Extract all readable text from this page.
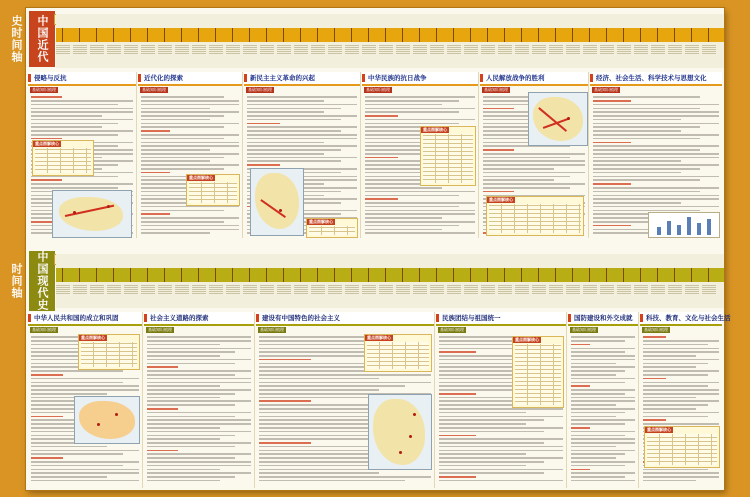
中国近代史时间轴
侵略与反抗
基础知识梳理
重点图解核心
近代化的探索
基础知识梳理
重点图解核心
新民主主义革命的兴起
基础知识梳理
重点图解核心
中华民族的抗日战争
基础知识梳理
重点图解核心
人民解放战争的胜利
基础知识梳理
重点图解核心
经济、社会生活、科学技术与思想文化
基础知识梳理
中国现代史时间轴
中华人民共和国的成立和巩固
基础知识梳理
重点图解核心
社会主义道路的探索
基础知识梳理
建设有中国特色的社会主义
基础知识梳理
重点图解核心
民族团结与祖国统一
基础知识梳理
重点图解核心
国防建设和外交成就
基础知识梳理
科技、教育、文化与社会生活
基础知识梳理
重点图解核心
